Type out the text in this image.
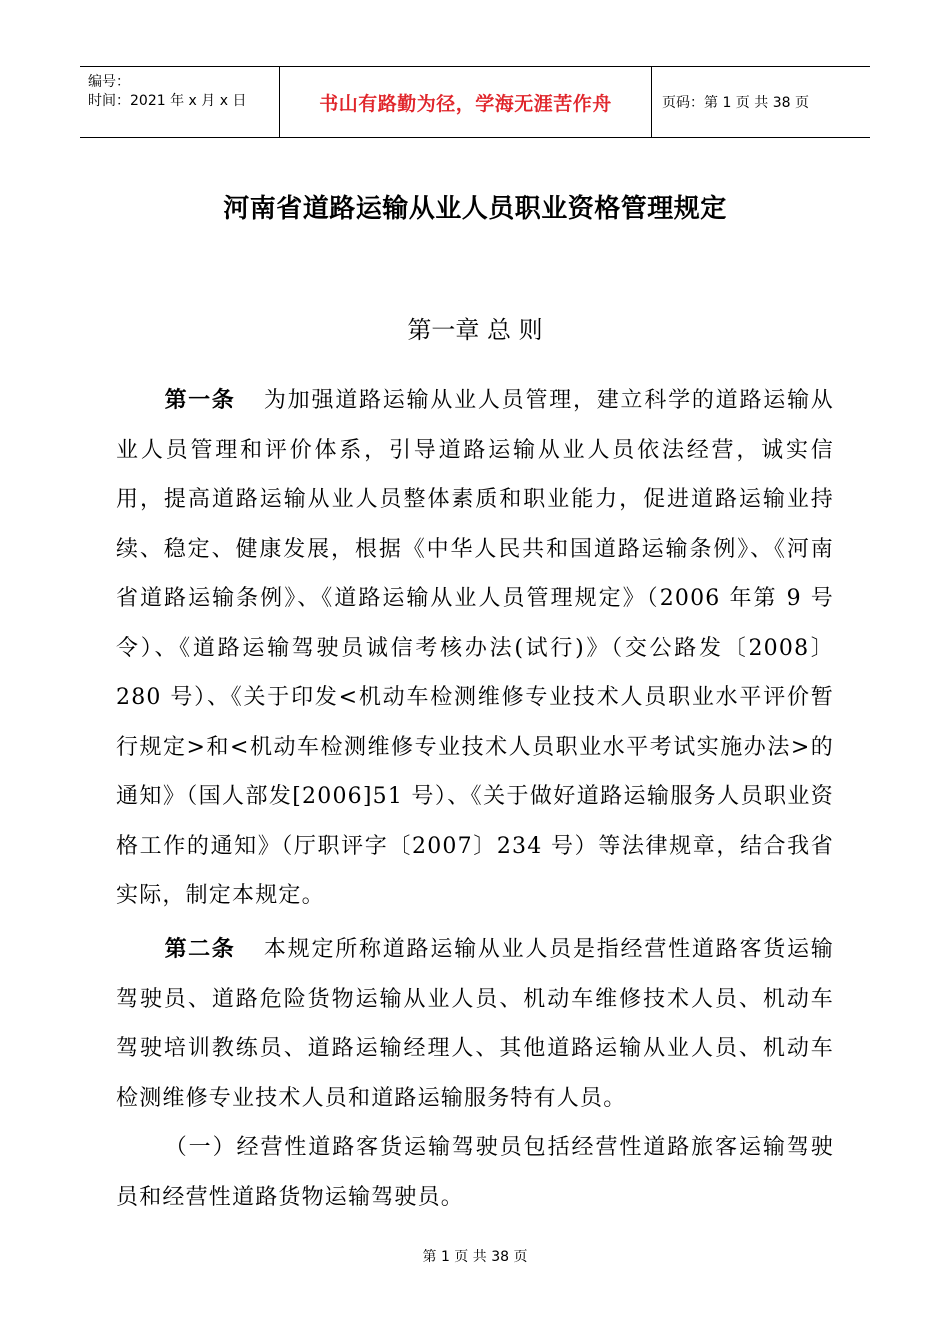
编号：
时间：2021 年 x 月 x 日	书山有路勤为径，学海无涯苦作舟	页码：第 1 页 共 38 页
河南省道路运输从业人员职业资格管理规定
第一章 总 则
第一条 为加强道路运输从业人员管理，建立科学的道路运输从业人员管理和评价体系，引导道路运输从业人员依法经营，诚实信用，提高道路运输从业人员整体素质和职业能力，促进道路运输业持续、稳定、健康发展，根据《中华人民共和国道路运输条例》、《河南省道路运输条例》、《道路运输从业人员管理规定》（2006 年第 9 号令）、《道路运输驾驶员诚信考核办法(试行)》（交公路发〔2008〕280 号）、《关于印发<机动车检测维修专业技术人员职业水平评价暂行规定>和<机动车检测维修专业技术人员职业水平考试实施办法>的通知》（国人部发[2006]51 号）、《关于做好道路运输服务人员职业资格工作的通知》（厅职评字〔2007〕234 号）等法律规章，结合我省实际，制定本规定。
第二条 本规定所称道路运输从业人员是指经营性道路客货运输驾驶员、道路危险货物运输从业人员、机动车维修技术人员、机动车驾驶培训教练员、道路运输经理人、其他道路运输从业人员、机动车检测维修专业技术人员和道路运输服务特有人员。
（一）经营性道路客货运输驾驶员包括经营性道路旅客运输驾驶员和经营性道路货物运输驾驶员。
第 1 页 共 38 页
